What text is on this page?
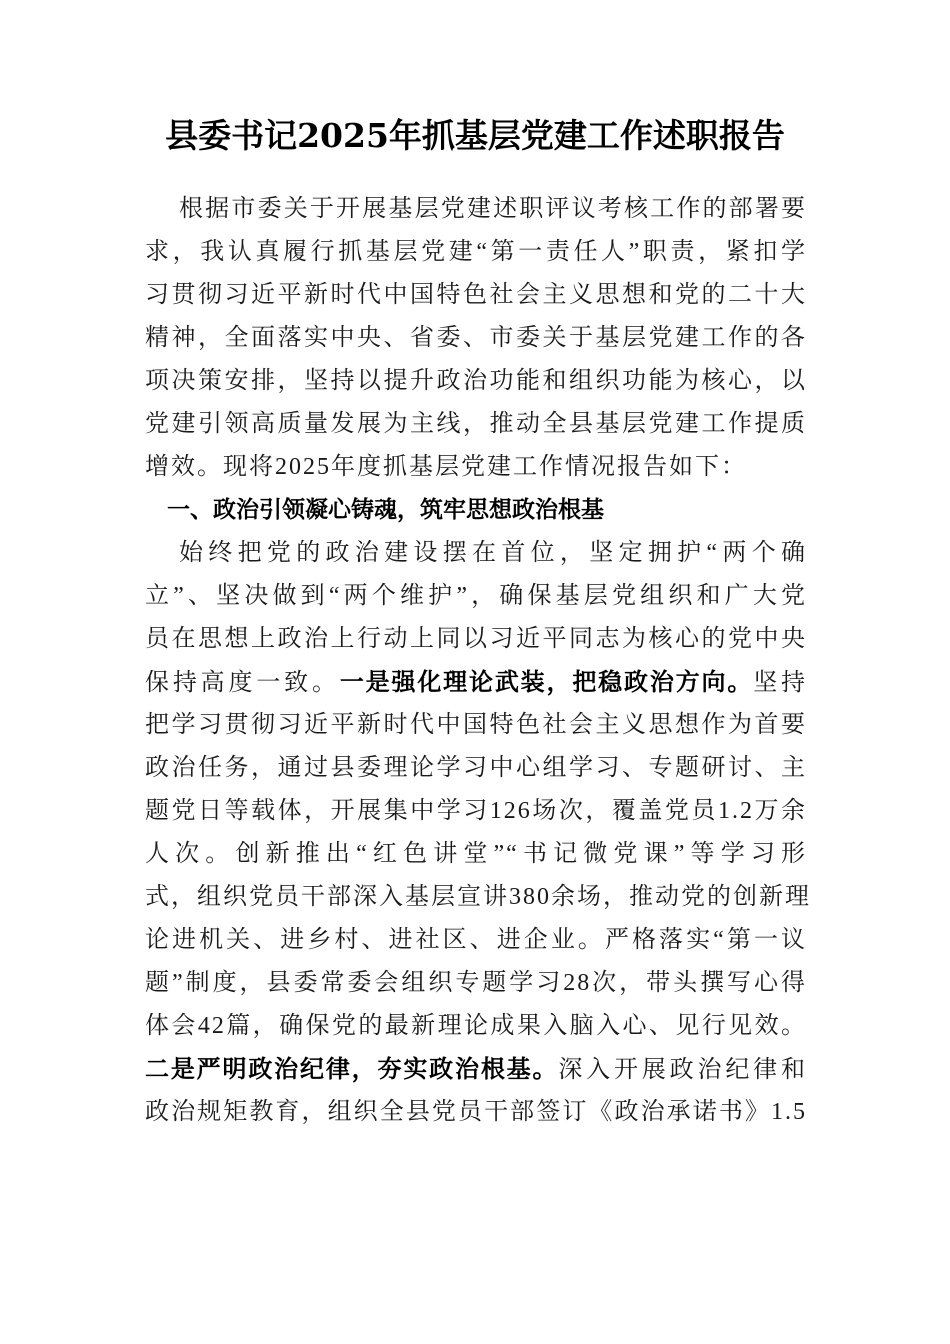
县委书记2025年抓基层党建工作述职报告
根据市委关于开展基层党建述职评议考核工作的部署要
求，我认真履行抓基层党建“第一责任人”职责，紧扣学
习贯彻习近平新时代中国特色社会主义思想和党的二十大
精神，全面落实中央、省委、市委关于基层党建工作的各
项决策安排，坚持以提升政治功能和组织功能为核心，以
党建引领高质量发展为主线，推动全县基层党建工作提质
增效。现将2025年度抓基层党建工作情况报告如下：
一、政治引领凝心铸魂，筑牢思想政治根基
始终把党的政治建设摆在首位，坚定拥护“两个确
立”、坚决做到“两个维护”，确保基层党组织和广大党
员在思想上政治上行动上同以习近平同志为核心的党中央
保持高度一致。一是强化理论武装，把稳政治方向。坚持
把学习贯彻习近平新时代中国特色社会主义思想作为首要
政治任务，通过县委理论学习中心组学习、专题研讨、主
题党日等载体，开展集中学习126场次，覆盖党员1.2万余
人次。创新推出“红色讲堂”“书记微党课”等学习形
式，组织党员干部深入基层宣讲380余场，推动党的创新理
论进机关、进乡村、进社区、进企业。严格落实“第一议
题”制度，县委常委会组织专题学习28次，带头撰写心得
体会42篇，确保党的最新理论成果入脑入心、见行见效。
二是严明政治纪律，夯实政治根基。深入开展政治纪律和
政治规矩教育，组织全县党员干部签订《政治承诺书》1.5
